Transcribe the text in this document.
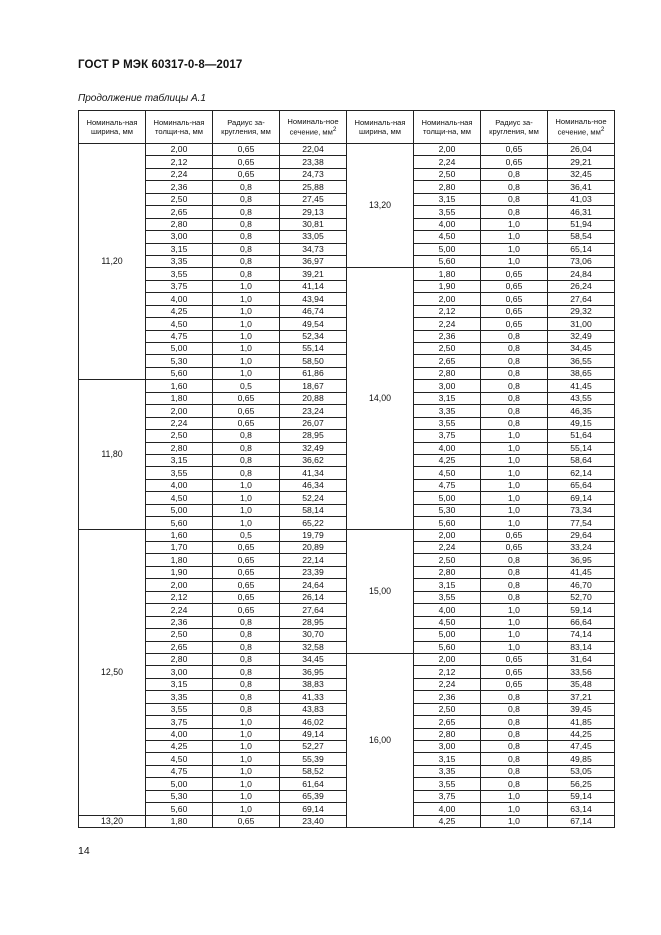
ГОСТ Р МЭК 60317-0-8—2017
Продолжение таблицы А.1
Номиналь-ная ширина, мм	Номиналь-ная толщи-на, мм	Радиус за-кругления, мм	Номиналь-ное сечение, $мм^2$	Номиналь-ная ширина, мм	Номиналь-ная толщи-на, мм	Радиус за-кругления, мм	Номиналь-ное сечение, $мм^2$
11,20	2,00	0,65	22,04	13,20	2,00	0,65	26,04
	2,12	0,65	23,38		2,24	0,65	29,21
	2,24	0,65	24,73		2,50	0,8	32,45
	2,36	0,8	25,88		2,80	0,8	36,41
	2,50	0,8	27,45		3,15	0,8	41,03
	2,65	0,8	29,13		3,55	0,8	46,31
	2,80	0,8	30,81		4,00	1,0	51,94
	3,00	0,8	33,05		4,50	1,0	58,54
	3,15	0,8	34,73		5,00	1,0	65,14
	3,35	0,8	36,97		5,60	1,0	73,06
	3,55	0,8	39,21	14,00	1,80	0,65	24,84
	3,75	1,0	41,14		1,90	0,65	26,24
	4,00	1,0	43,94		2,00	0,65	27,64
	4,25	1,0	46,74		2,12	0,65	29,32
	4,50	1,0	49,54		2,24	0,65	31,00
	4,75	1,0	52,34		2,36	0,8	32,49
	5,00	1,0	55,14		2,50	0,8	34,45
	5,30	1,0	58,50		2,65	0,8	36,55
	5,60	1,0	61,86		2,80	0,8	38,65
11,80	1,60	0,5	18,67		3,00	0,8	41,45
	1,80	0,65	20,88		3,15	0,8	43,55
	2,00	0,65	23,24		3,35	0,8	46,35
	2,24	0,65	26,07		3,55	0,8	49,15
	2,50	0,8	28,95		3,75	1,0	51,64
	2,80	0,8	32,49		4,00	1,0	55,14
	3,15	0,8	36,62		4,25	1,0	58,64
	3,55	0,8	41,34		4,50	1,0	62,14
	4,00	1,0	46,34		4,75	1,0	65,64
	4,50	1,0	52,24		5,00	1,0	69,14
	5,00	1,0	58,14		5,30	1,0	73,34
	5,60	1,0	65,22		5,60	1,0	77,54
12,50	1,60	0,5	19,79	15,00	2,00	0,65	29,64
	1,70	0,65	20,89		2,24	0,65	33,24
	1,80	0,65	22,14		2,50	0,8	36,95
	1,90	0,65	23,39		2,80	0,8	41,45
	2,00	0,65	24,64		3,15	0,8	46,70
	2,12	0,65	26,14		3,55	0,8	52,70
	2,24	0,65	27,64		4,00	1,0	59,14
	2,36	0,8	28,95		4,50	1,0	66,64
	2,50	0,8	30,70		5,00	1,0	74,14
	2,65	0,8	32,58		5,60	1,0	83,14
	2,80	0,8	34,45	16,00	2,00	0,65	31,64
	3,00	0,8	36,95		2,12	0,65	33,56
	3,15	0,8	38,83		2,24	0,65	35,48
	3,35	0,8	41,33		2,36	0,8	37,21
	3,55	0,8	43,83		2,50	0,8	39,45
	3,75	1,0	46,02		2,65	0,8	41,85
	4,00	1,0	49,14		2,80	0,8	44,25
	4,25	1,0	52,27		3,00	0,8	47,45
	4,50	1,0	55,39		3,15	0,8	49,85
	4,75	1,0	58,52		3,35	0,8	53,05
	5,00	1,0	61,64		3,55	0,8	56,25
	5,30	1,0	65,39		3,75	1,0	59,14
	5,60	1,0	69,14		4,00	1,0	63,14
13,20	1,80	0,65	23,40		4,25	1,0	67,14
14
